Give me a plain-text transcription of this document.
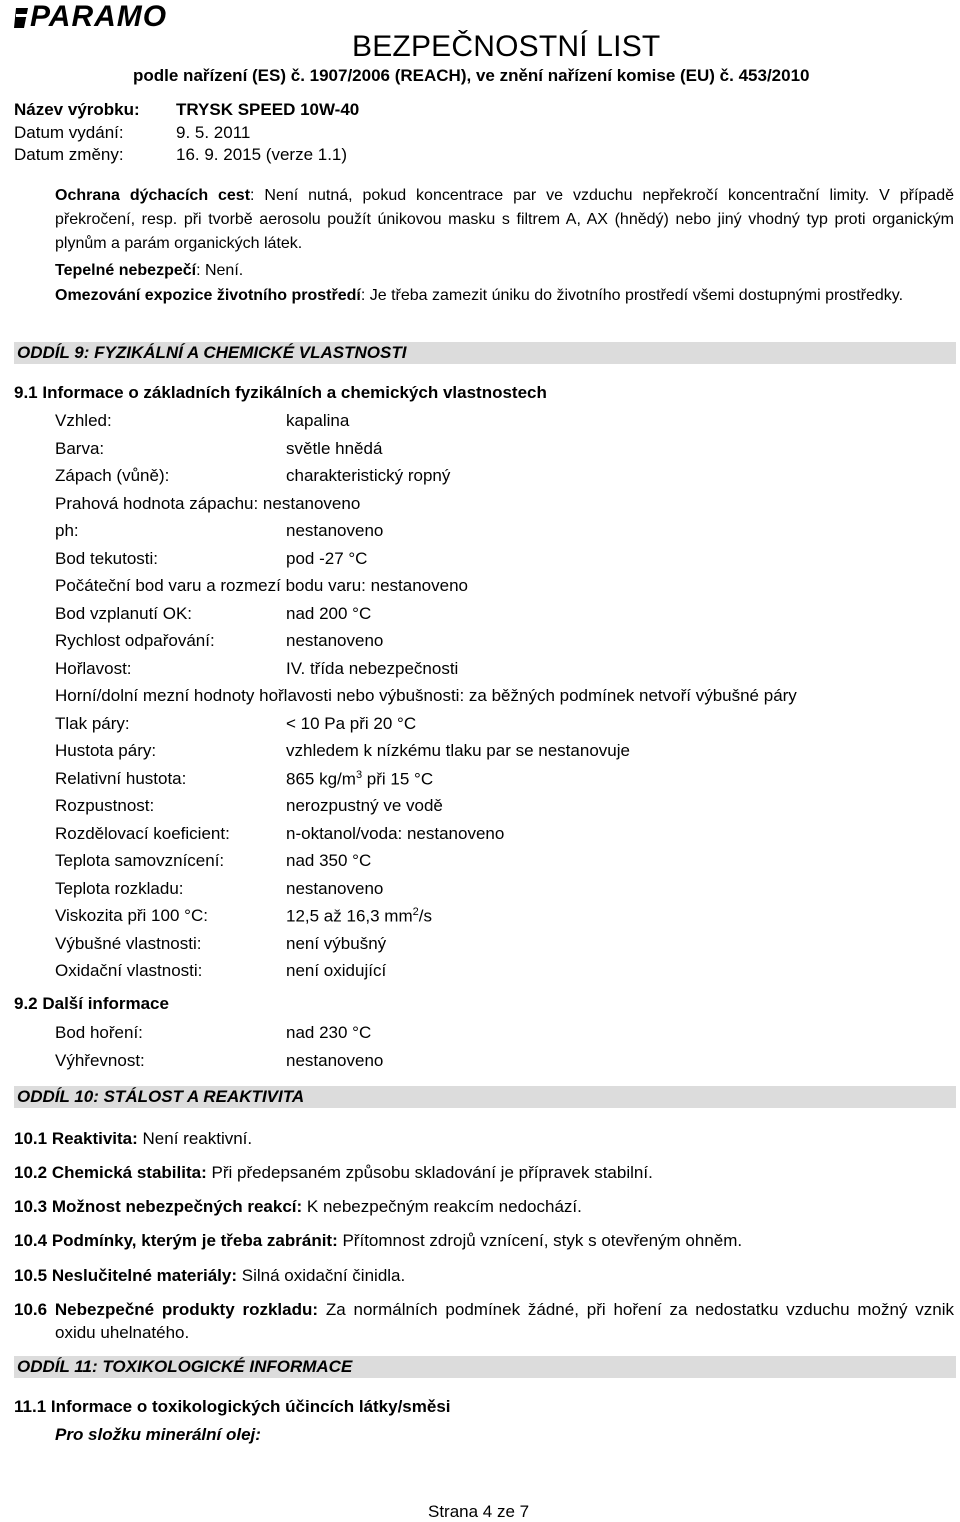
PARAMO
BEZPEČNOSTNÍ LIST
podle nařízení (ES) č. 1907/2006 (REACH), ve znění nařízení komise (EU) č. 453/2010
Název výrobku: TRYSK SPEED 10W-40
Datum vydání:	9. 5. 2011
Datum změny:	16. 9. 2015 (verze 1.1)
Ochrana dýchacích cest: Není nutná, pokud koncentrace par ve vzduchu nepřekročí koncentrační limity. V případě překročení, resp. při tvorbě aerosolu použít únikovou masku s filtrem A, AX (hnědý) nebo jiný vhodný typ proti organickým plynům a parám organických látek.
Tepelné nebezpečí: Není.
Omezování expozice životního prostředí: Je třeba zamezit úniku do životního prostředí všemi dostupnými prostředky.
ODDÍL 9: FYZIKÁLNÍ A CHEMICKÉ VLASTNOSTI
9.1 Informace o základních fyzikálních a chemických vlastnostech
Vzhled:	kapalina
Barva:	světle hnědá
Zápach (vůně):	charakteristický ropný
Prahová hodnota zápachu: nestanoveno
ph:	nestanoveno
Bod tekutosti:	pod -27 °C
Počáteční bod varu a rozmezí bodu varu: nestanoveno
Bod vzplanutí OK:	nad 200 °C
Rychlost odpařování:	nestanoveno
Hořlavost:	IV. třída nebezpečnosti
Horní/dolní mezní hodnoty hořlavosti nebo výbušnosti: za běžných podmínek netvoří výbušné páry
Tlak páry:	< 10 Pa při 20 °C
Hustota páry:	vzhledem k nízkému tlaku par se nestanovuje
Relativní hustota:	865 $kg/m^3$ při 15 °C
Rozpustnost:	nerozpustný ve vodě
Rozdělovací koeficient:	n-oktanol/voda: nestanoveno
Teplota samovznícení:	nad 350 °C
Teplota rozkladu:	nestanoveno
Viskozita při 100 °C:	12,5 až 16,3 $mm^2/s$
Výbušné vlastnosti:	není výbušný
Oxidační vlastnosti:	není oxidující
9.2 Další informace
Bod hoření:	nad 230 °C
Výhřevnost:	nestanoveno
ODDÍL 10: STÁLOST A REAKTIVITA
10.1 Reaktivita: Není reaktivní.
10.2 Chemická stabilita: Při předepsaném způsobu skladování je přípravek stabilní.
10.3 Možnost nebezpečných reakcí: K nebezpečným reakcím nedochází.
10.4 Podmínky, kterým je třeba zabránit: Přítomnost zdrojů vznícení, styk s otevřeným ohněm.
10.5 Neslučitelné materiály: Silná oxidační činidla.
10.6 Nebezpečné produkty rozkladu: Za normálních podmínek žádné, při hoření za nedostatku vzduchu možný vznik oxidu uhelnatého.
ODDÍL 11: TOXIKOLOGICKÉ INFORMACE
11.1 Informace o toxikologických účincích látky/směsi
Pro složku minerální olej:
Strana 4 ze 7
